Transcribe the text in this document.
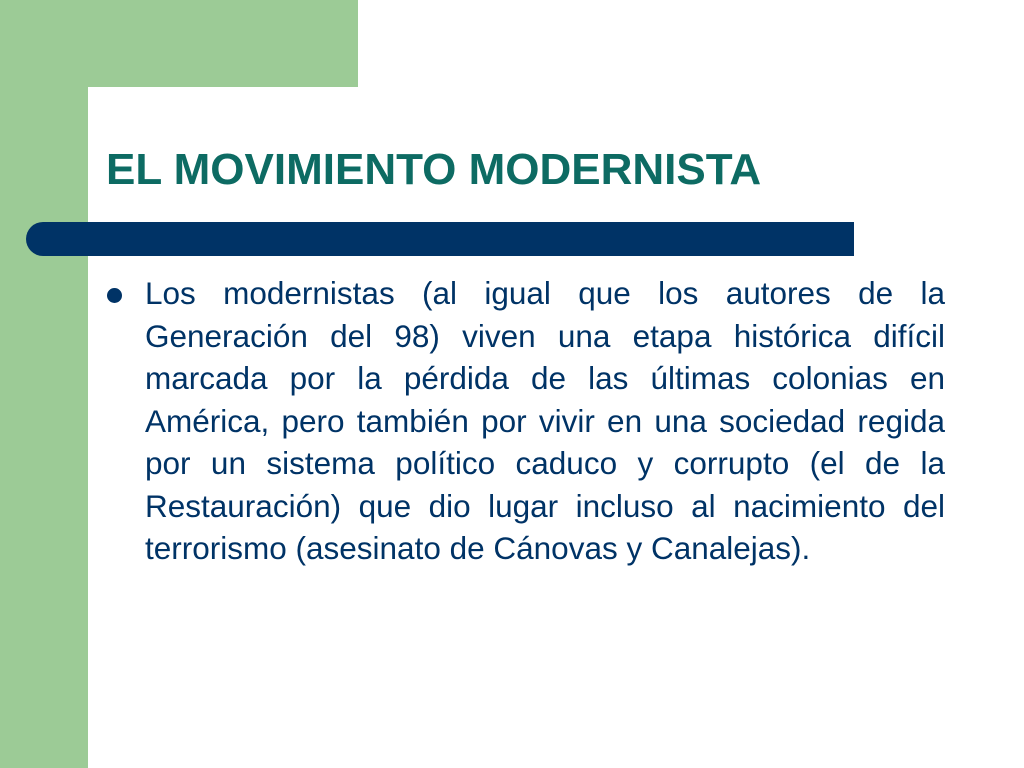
EL MOVIMIENTO MODERNISTA
Los modernistas (al igual que los autores de la Generación del 98) viven una etapa histórica difícil marcada por la pérdida de las últimas colonias en América, pero también por vivir en una sociedad regida por un sistema político caduco y corrupto (el de la Restauración) que dio lugar incluso al nacimiento del terrorismo (asesinato de Cánovas y Canalejas).
